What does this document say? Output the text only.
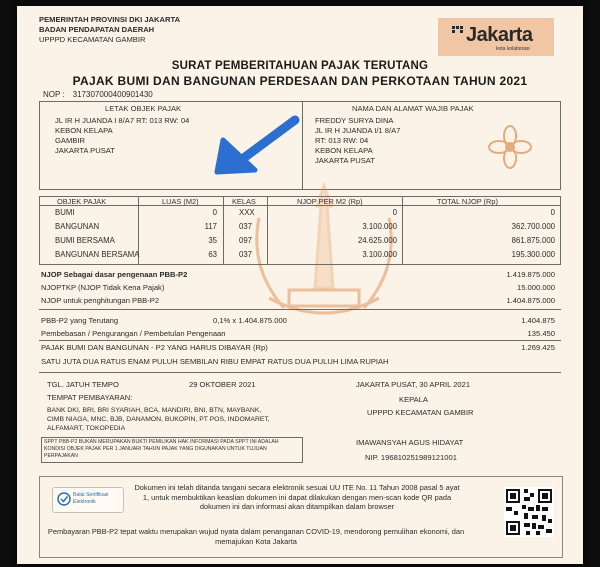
PEMERINTAH PROVINSI DKI JAKARTA
BADAN PENDAPATAN DAERAH
UPPPD KECAMATAN GAMBIR	Jakarta
kota kolaborasi
SURAT PEMBERITAHUAN PAJAK TERUTANG
PAJAK BUMI DAN BANGUNAN PERDESAAN DAN PERKOTAAN TAHUN 2021
NOP : 317307000400901430
LETAK OBJEK PAJAK
JL IR H JUANDA I 8/A7 RT: 013 RW: 04
KEBON KELAPA
GAMBIR
JAKARTA PUSAT
NAMA DAN ALAMAT WAJIB PAJAK
FREDDY SURYA DINA
JL IR H JUANDA I/1 8/A7
RT: 013 RW: 04
KEBON KELAPA
JAKARTA PUSAT
OBJEK PAJAK	LUAS (M2)	KELAS	NJOP PER M2 (Rp)	TOTAL NJOP (Rp)
BUMI	0	XXX	0	0
BANGUNAN	117	037	3.100.000	362.700.000
BUMI BERSAMA	35	097	24.625.000	861.875.000
BANGUNAN BERSAMA	63	037	3.100.000	195.300.000
NJOP Sebagai dasar pengenaan PBB-P2	1.419.875.000
NJOPTKP (NJOP Tidak Kena Pajak)	15.000.000
NJOP untuk penghitungan PBB-P2	1.404.875.000
PBB-P2 yang Terutang	0,1% x 1.404.875.000	1.404.875
Pembebasan / Pengurangan / Pembetulan Pengenaan	135.450
PAJAK BUMI DAN BANGUNAN - P2 YANG HARUS DIBAYAR (Rp)	1.269.425
SATU JUTA DUA RATUS ENAM PULUH SEMBILAN RIBU EMPAT RATUS DUA PULUH LIMA RUPIAH
TGL. JATUH TEMPO	29 OKTOBER 2021
TEMPAT PEMBAYARAN:
BANK DKI, BRI, BRI SYARIAH, BCA, MANDIRI, BNI, BTN, MAYBANK,
CIMB NIAGA, MNC, BJB, DANAMON, BUKOPIN, PT POS, INDOMARET,
ALFAMART, TOKOPEDIA
SPPT PBB-P2 BUKAN MERUPAKAN BUKTI PEMILIKAN HAK INFORMASI PADA SPPT INI ADALAH KONDISI OBJEK PAJAK PER 1 JANUARI TAHUN PAJAK YANG DIGUNAKAN UNTUK TUJUAN PERPAJAKAN
JAKARTA PUSAT, 30 APRIL 2021
KEPALA
UPPPD KECAMATAN GAMBIR
IMAWANSYAH AGUS HIDAYAT
NIP. 196810251989121001
Balai Sertifikasi Elektronik
Dokumen ini telah ditanda tangani secara elektronik sesuai UU ITE No. 11 Tahun 2008 pasal 5 ayat 1, untuk membuktikan keaslian dokumen ini dapat dilakukan dengan men-scan kode QR pada dokumen ini dan informasi akan ditampilkan dalam browser
Pembayaran PBB-P2 tepat waktu merupakan wujud nyata dalam penanganan COVID-19, mendorong pemulihan ekonomi, dan memajukan Kota Jakarta
